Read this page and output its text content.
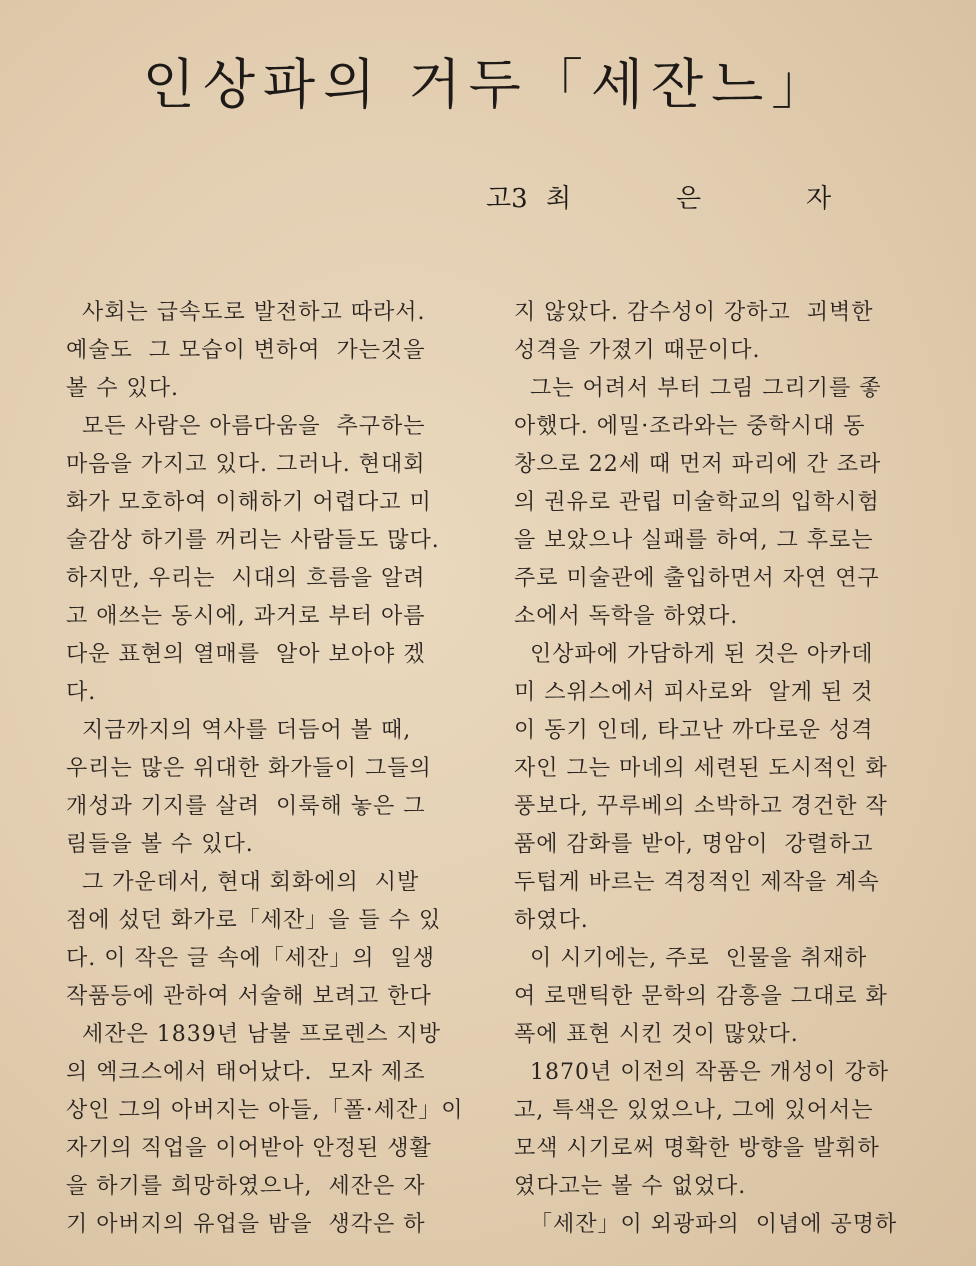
인상파의 거두「세잔느」
고3 최	은	자
사회는 급속도로 발전하고 따라서.
예술도  그 모습이 변하여  가는것을
볼 수 있다.
모든 사람은 아름다움을  추구하는
마음을 가지고 있다. 그러나. 현대회
화가 모호하여 이해하기 어렵다고 미
술감상 하기를 꺼리는 사람들도 많다.
하지만, 우리는  시대의 흐름을 알려
고 애쓰는 동시에, 과거로 부터 아름
다운 표현의 열매를  알아 보아야 겠
다.
지금까지의 역사를 더듬어 볼 때,
우리는 많은 위대한 화가들이 그들의
개성과 기지를 살려  이룩해 놓은 그
림들을 볼 수 있다.
그 가운데서, 현대 회화에의  시발
점에 섰던 화가로「세잔」을 들 수 있
다. 이 작은 글 속에「세잔」의  일생
작품등에 관하여 서술해 보려고 한다
세잔은 1839년 남불 프로렌스 지방
의 엑크스에서 태어났다.  모자 제조
상인 그의 아버지는 아들,「폴·세잔」이
자기의 직업을 이어받아 안정된 생활
을 하기를 희망하였으나,  세잔은 자
기 아버지의 유업을 밤을  생각은 하
지 않았다. 감수성이 강하고  괴벽한
성격을 가졌기 때문이다.
그는 어려서 부터 그림 그리기를 좋
아했다. 에밀·조라와는 중학시대 동
창으로 22세 때 먼저 파리에 간 조라
의 권유로 관립 미술학교의 입학시험
을 보았으나 실패를 하여, 그 후로는
주로 미술관에 출입하면서 자연 연구
소에서 독학을 하였다.
인상파에 가담하게 된 것은 아카데
미 스위스에서 피사로와  알게 된 것
이 동기 인데, 타고난 까다로운 성격
자인 그는 마네의 세련된 도시적인 화
풍보다, 꾸루베의 소박하고 경건한 작
품에 감화를 받아, 명암이  강렬하고
두텁게 바르는 격정적인 제작을 계속
하였다.
이 시기에는, 주로  인물을 취재하
여 로맨틱한 문학의 감흥을 그대로 화
폭에 표현 시킨 것이 많았다.
1870년 이전의 작품은 개성이 강하
고, 특색은 있었으나, 그에 있어서는
모색 시기로써 명확한 방향을 발휘하
였다고는 볼 수 없었다.
「세잔」이 외광파의  이념에 공명하
